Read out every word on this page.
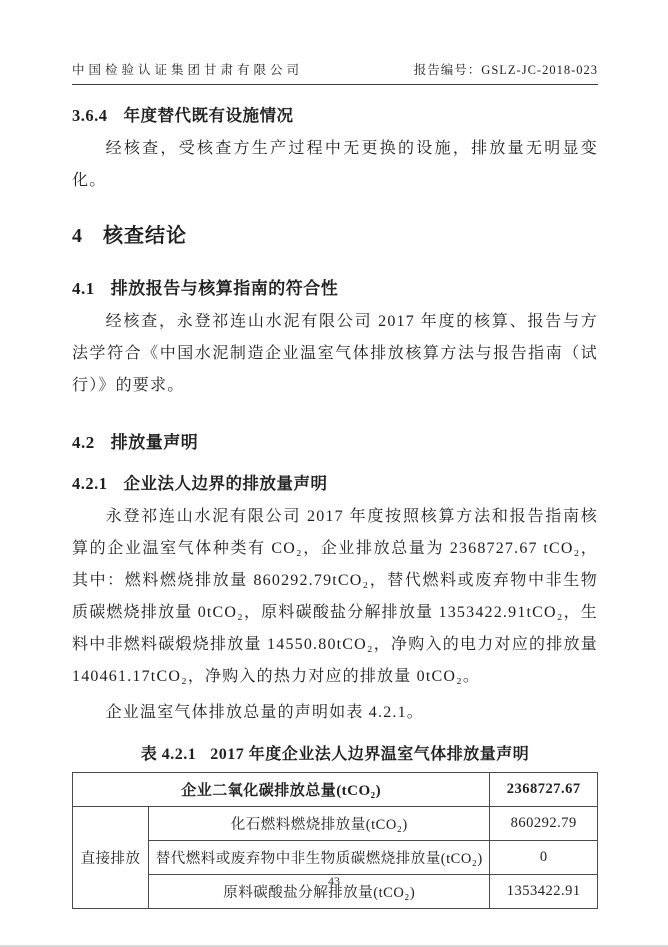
中国检验认证集团甘肃有限公司	报告编号：GSLZ-JC-2018-023
3.6.4 年度替代既有设施情况

经核查，受核查方生产过程中无更换的设施，排放量无明显变化。

4 核查结论
4.1 排放报告与核算指南的符合性

经核查，永登祁连山水泥有限公司 2017 年度的核算、报告与方法学符合《中国水泥制造企业温室气体排放核算方法与报告指南（试行）》的要求。

4.2 排放量声明
4.2.1 企业法人边界的排放量声明

永登祁连山水泥有限公司 2017 年度按照核算方法和报告指南核算的企业温室气体种类有 CO₂，企业排放总量为 2368727.67 tCO₂，其中：燃料燃烧排放量 860292.79tCO₂，替代燃料或废弃物中非生物质碳燃烧排放量 0tCO₂，原料碳酸盐分解排放量 1353422.91tCO₂，生料中非燃料碳煅烧排放量 14550.80tCO₂，净购入的电力对应的排放量 140461.17tCO₂，净购入的热力对应的排放量 0tCO₂。

企业温室气体排放总量的声明如表 4.2.1。

表 4.2.1 2017 年度企业法人边界温室气体排放量声明
企业二氧化碳排放总量(tCO₂)		2368727.67
直接排放	化石燃料燃烧排放量(tCO₂)	860292.79
	替代燃料或废弃物中非生物质碳燃烧排放量(tCO₂)	0
	原料碳酸盐分解排放量(tCO₂)	1353422.91
43
